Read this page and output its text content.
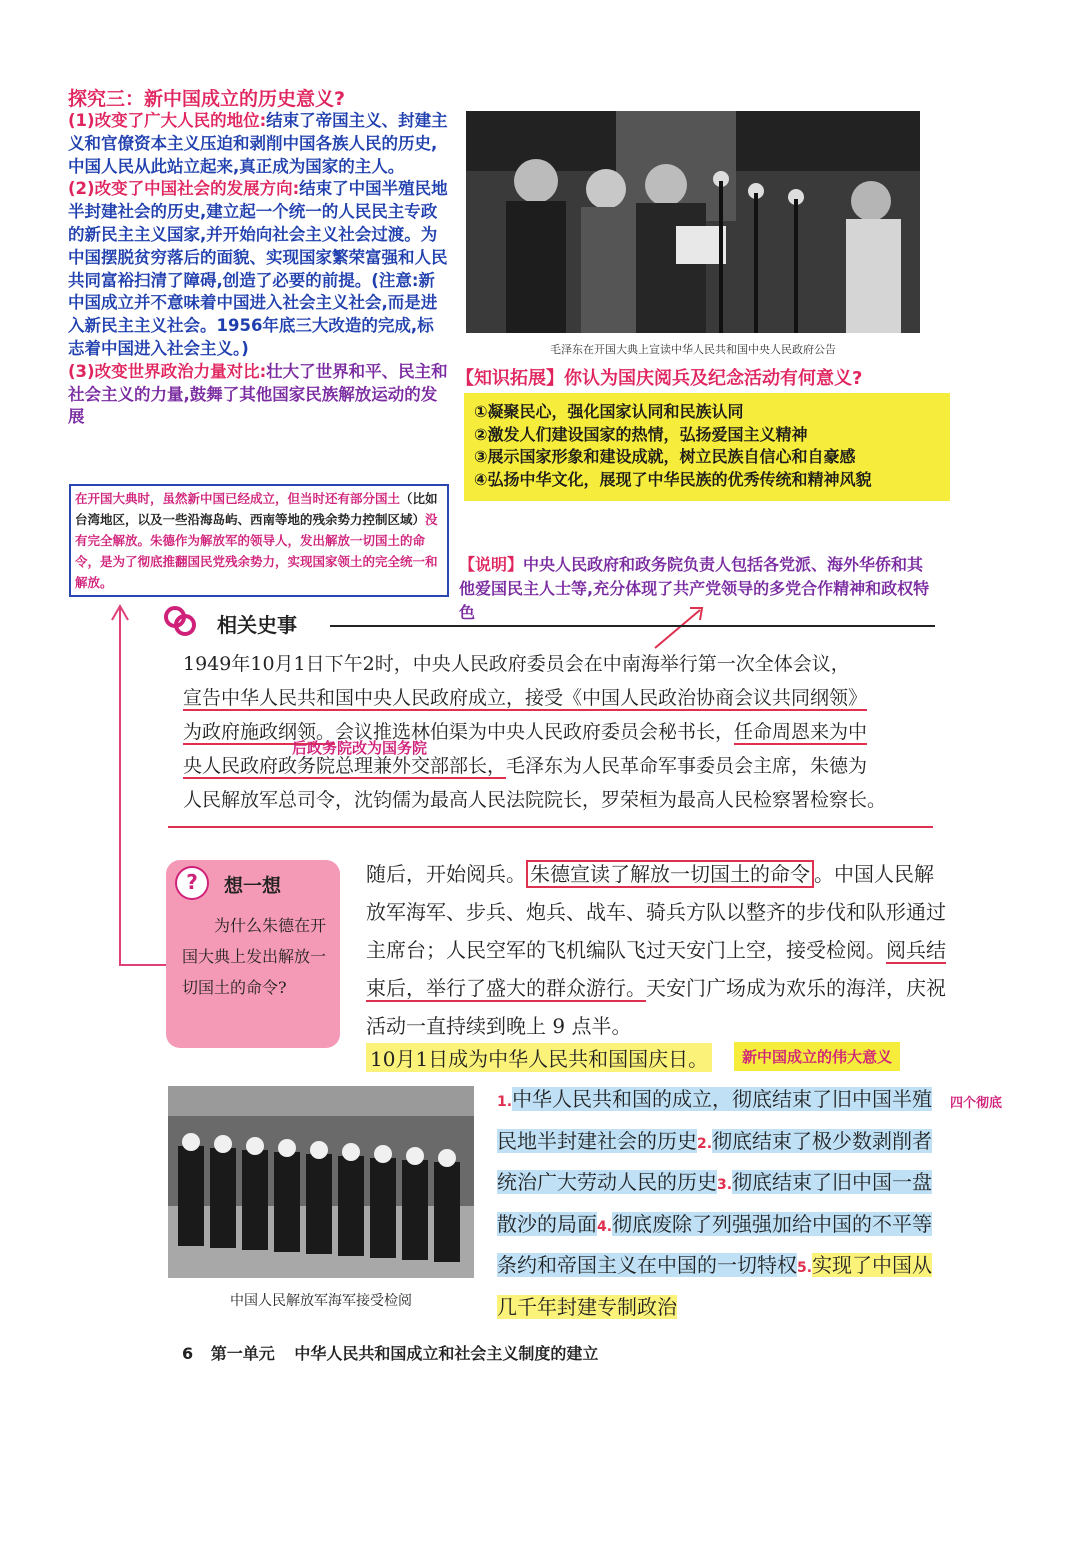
探究三：新中国成立的历史意义?
(1)改变了广大人民的地位:结束了帝国主义、封建主义和官僚资本主义压迫和剥削中国各族人民的历史,中国人民从此站立起来,真正成为国家的主人。
(2)改变了中国社会的发展方向:结束了中国半殖民地半封建社会的历史,建立起一个统一的人民民主专政的新民主主义国家,并开始向社会主义社会过渡。为中国摆脱贫穷落后的面貌、实现国家繁荣富强和人民共同富裕扫清了障碍,创造了必要的前提。(注意:新中国成立并不意味着中国进入社会主义社会,而是进入新民主主义社会。1956年底三大改造的完成,标志着中国进入社会主义。)
(3)改变世界政治力量对比:壮大了世界和平、民主和社会主义的力量,鼓舞了其他国家民族解放运动的发展
毛泽东在开国大典上宣读中华人民共和国中央人民政府公告
【知识拓展】你认为国庆阅兵及纪念活动有何意义?
①凝聚民心，强化国家认同和民族认同
②激发人们建设国家的热情，弘扬爱国主义精神
③展示国家形象和建设成就，树立民族自信心和自豪感
④弘扬中华文化，展现了中华民族的优秀传统和精神风貌
在开国大典时，虽然新中国已经成立，但当时还有部分国土（比如台湾地区，以及一些沿海岛屿、西南等地的残余势力控制区域）没有完全解放。朱德作为解放军的领导人，发出解放一切国土的命令，是为了彻底推翻国民党残余势力，实现国家领土的完全统一和解放。
【说明】中央人民政府和政务院负责人包括各党派、海外华侨和其他爱国民主人士等,充分体现了共产党领导的多党合作精神和政权特色
相关史事
1949年10月1日下午2时，中央人民政府委员会在中南海举行第一次全体会议，
宣告中华人民共和国中央人民政府成立，接受《中国人民政治协商会议共同纲领》
为政府施政纲领。会议推选林伯渠为中央人民政府委员会秘书长，任命周恩来为中
央人民政府政务院总理兼外交部部长，毛泽东为人民革命军事委员会主席，朱德为
人民解放军总司令，沈钧儒为最高人民法院院长，罗荣桓为最高人民检察署检察长。
后政务院改为国务院
?	想一想
为什么朱德在开国大典上发出解放一切国土的命令?
随后，开始阅兵。 朱德宣读了解放一切国土的命令 。中国人民解放军海军、步兵、炮兵、战车、骑兵方队以整齐的步伐和队形通过主席台；人民空军的飞机编队飞过天安门上空，接受检阅。阅兵结束后，举行了盛大的群众游行。天安门广场成为欢乐的海洋，庆祝活动一直持续到晚上 9 点半。
10月1日成为中华人民共和国国庆日。	新中国成立的伟大意义
中国人民解放军海军接受检阅
1.中华人民共和国的成立，彻底结束了旧中国半殖民地半封建社会的历史2.彻底结束了极少数剥削者统治广大劳动人民的历史3.彻底结束了旧中国一盘散沙的局面4.彻底废除了列强强加给中国的不平等条约和帝国主义在中国的一切特权5.实现了中国从几千年封建专制政治
四个彻底
6 第一单元 中华人民共和国成立和社会主义制度的建立
